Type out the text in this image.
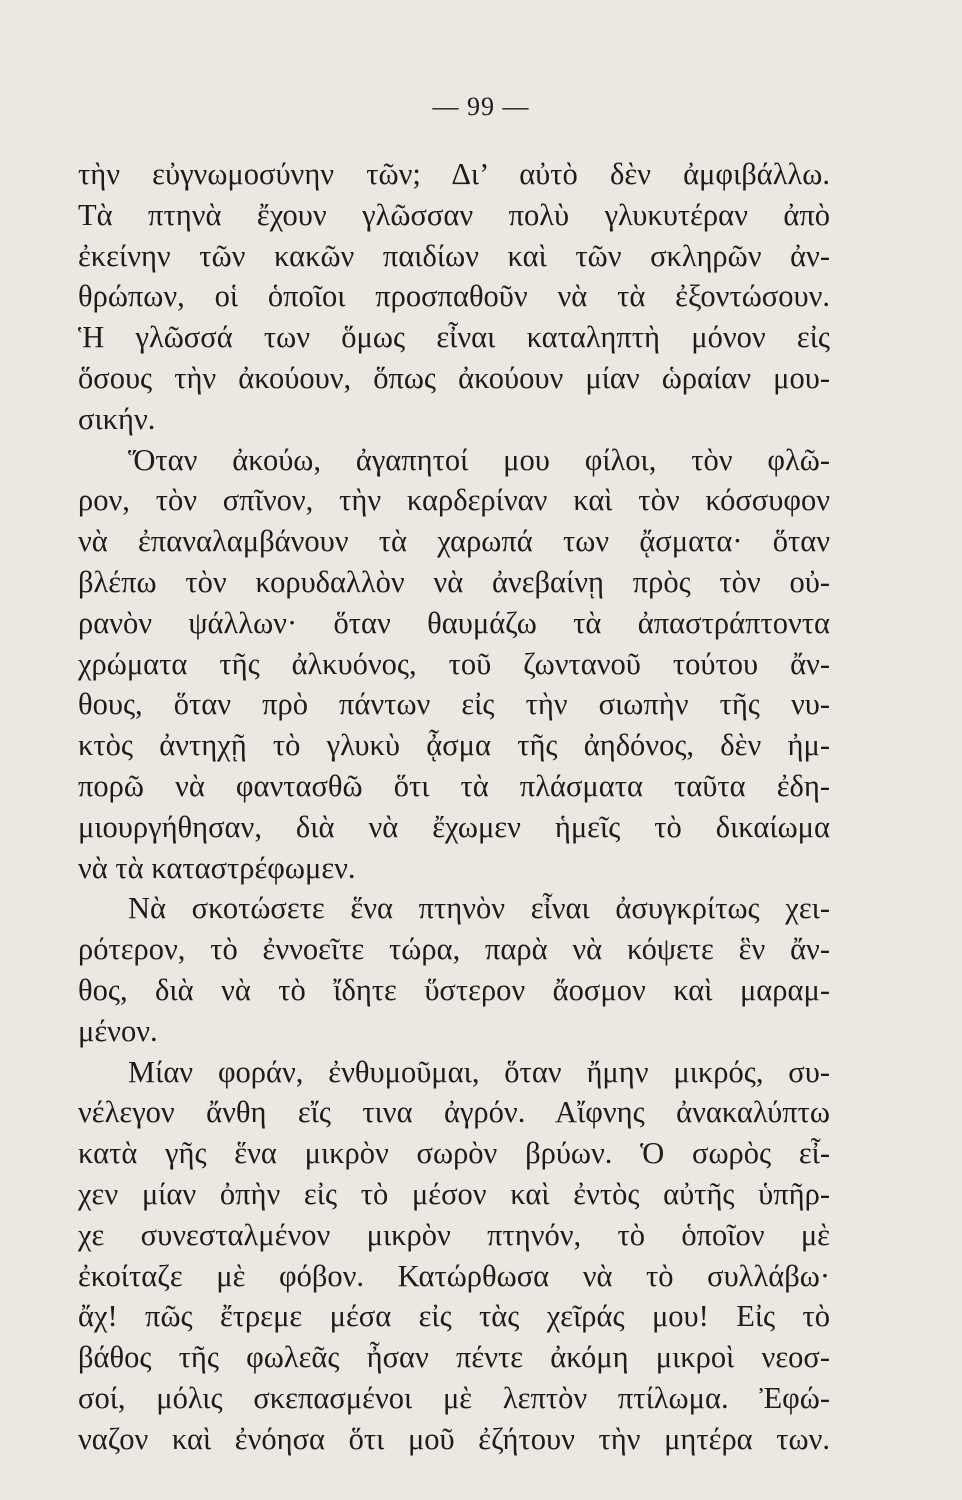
— 99 —
τὴν εὐγνωμοσύνην τῶν; Δι’ αὐτὸ δὲν ἀμφιβάλλω.
Τὰ πτηνὰ ἔχουν γλῶσσαν πολὺ γλυκυτέραν ἀπὸ
ἐκείνην τῶν κακῶν παιδίων καὶ τῶν σκληρῶν ἀν-
θρώπων, οἱ ὁποῖοι προσπαθοῦν νὰ τὰ ἐξοντώσουν.
Ἡ γλῶσσά των ὅμως εἶναι καταληπτὴ μόνον εἰς
ὅσους τὴν ἀκούουν, ὅπως ἀκούουν μίαν ὡραίαν μου-
σικήν.
Ὅταν ἀκούω, ἀγαπητοί μου φίλοι, τὸν φλῶ-
ρον, τὸν σπῖνον, τὴν καρδερίναν καὶ τὸν κόσσυφον
νὰ ἐπαναλαμβάνουν τὰ χαρωπά των ᾄσματα· ὅταν
βλέπω τὸν κορυδαλλὸν νὰ ἀνεβαίνῃ πρὸς τὸν οὐ-
ρανὸν ψάλλων· ὅταν θαυμάζω τὰ ἀπαστράπτοντα
χρώματα τῆς ἀλκυόνος, τοῦ ζωντανοῦ τούτου ἄν-
θους, ὅταν πρὸ πάντων εἰς τὴν σιωπὴν τῆς νυ-
κτὸς ἀντηχῇ τὸ γλυκὺ ᾆσμα τῆς ἀηδόνος, δὲν ἠμ-
πορῶ νὰ φαντασθῶ ὅτι τὰ πλάσματα ταῦτα ἐδη-
μιουργήθησαν, διὰ νὰ ἔχωμεν ἡμεῖς τὸ δικαίωμα
νὰ τὰ καταστρέφωμεν.
Νὰ σκοτώσετε ἕνα πτηνὸν εἶναι ἀσυγκρίτως χει-
ρότερον, τὸ ἐννοεῖτε τώρα, παρὰ νὰ κόψετε ἓν ἄν-
θος, διὰ νὰ τὸ ἴδητε ὕστερον ἄοσμον καὶ μαραμ-
μένον.
Μίαν φοράν, ἐνθυμοῦμαι, ὅταν ἤμην μικρός, συ-
νέλεγον ἄνθη εἴς τινα ἀγρόν. Αἴφνης ἀνακαλύπτω
κατὰ γῆς ἕνα μικρὸν σωρὸν βρύων. Ὁ σωρὸς εἶ-
χεν μίαν ὀπὴν εἰς τὸ μέσον καὶ ἐντὸς αὐτῆς ὑπῆρ-
χε συνεσταλμένον μικρὸν πτηνόν, τὸ ὁποῖον μὲ
ἐκοίταζε μὲ φόβον. Κατώρθωσα νὰ τὸ συλλάβω·
ἄχ! πῶς ἔτρεμε μέσα εἰς τὰς χεῖράς μου! Εἰς τὸ
βάθος τῆς φωλεᾶς ἦσαν πέντε ἀκόμη μικροὶ νεοσ-
σοί, μόλις σκεπασμένοι μὲ λεπτὸν πτίλωμα. Ἐφώ-
ναζον καὶ ἐνόησα ὅτι μοῦ ἐζήτουν τὴν μητέρα των.
